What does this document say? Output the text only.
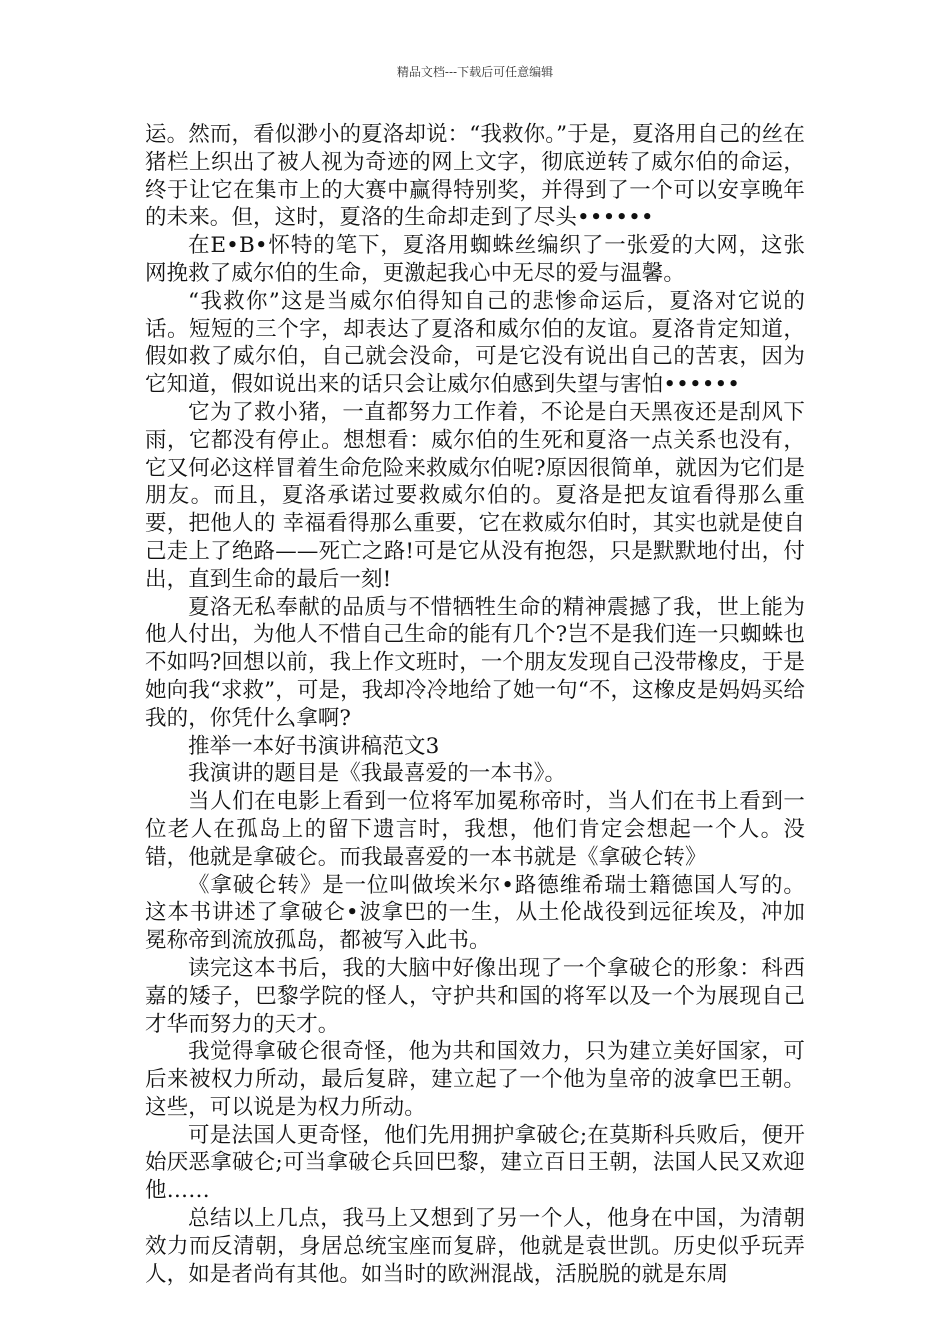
精品文档---下载后可任意编辑

运。然而，看似渺小的夏洛却说：“我救你。”于是，夏洛用自己的丝在猪栏上织出了被人视为奇迹的网上文字，彻底逆转了威尔伯的命运，终于让它在集市上的大赛中赢得特别奖，并得到了一个可以安享晚年的未来。但，这时，夏洛的生命却走到了尽头••••••

在E•B•怀特的笔下，夏洛用蜘蛛丝编织了一张爱的大网，这张网挽救了威尔伯的生命，更激起我心中无尽的爱与温馨。

“我救你”这是当威尔伯得知自己的悲惨命运后，夏洛对它说的话。短短的三个字，却表达了夏洛和威尔伯的友谊。夏洛肯定知道，假如救了威尔伯，自己就会没命，可是它没有说出自己的苦衷，因为它知道，假如说出来的话只会让威尔伯感到失望与害怕••••••

它为了救小猪，一直都努力工作着，不论是白天黑夜还是刮风下雨，它都没有停止。想想看：威尔伯的生死和夏洛一点关系也没有，它又何必这样冒着生命危险来救威尔伯呢?原因很简单，就因为它们是朋友。而且，夏洛承诺过要救威尔伯的。夏洛是把友谊看得那么重要，把他人的 幸福看得那么重要，它在救威尔伯时，其实也就是使自己走上了绝路——死亡之路!可是它从没有抱怨，只是默默地付出，付出，直到生命的最后一刻!

夏洛无私奉献的品质与不惜牺牲生命的精神震撼了我，世上能为他人付出，为他人不惜自己生命的能有几个?岂不是我们连一只蜘蛛也不如吗?回想以前，我上作文班时，一个朋友发现自己没带橡皮，于是她向我“求救”，可是，我却冷冷地给了她一句“不，这橡皮是妈妈买给我的，你凭什么拿啊?

推举一本好书演讲稿范文3

我演讲的题目是《我最喜爱的一本书》。

当人们在电影上看到一位将军加冕称帝时，当人们在书上看到一位老人在孤岛上的留下遗言时，我想，他们肯定会想起一个人。没错，他就是拿破仑。而我最喜爱的一本书就是《拿破仑转》

《拿破仑转》是一位叫做埃米尔•路德维希瑞士籍德国人写的。这本书讲述了拿破仑•波拿巴的一生，从土伦战役到远征埃及，冲加冕称帝到流放孤岛，都被写入此书。

读完这本书后，我的大脑中好像出现了一个拿破仑的形象：科西嘉的矮子，巴黎学院的怪人，守护共和国的将军以及一个为展现自己才华而努力的天才。

我觉得拿破仑很奇怪，他为共和国效力，只为建立美好国家，可后来被权力所动，最后复辟，建立起了一个他为皇帝的波拿巴王朝。这些，可以说是为权力所动。

可是法国人更奇怪，他们先用拥护拿破仑;在莫斯科兵败后，便开始厌恶拿破仑;可当拿破仑兵回巴黎，建立百日王朝，法国人民又欢迎他……

总结以上几点，我马上又想到了另一个人，他身在中国，为清朝效力而反清朝，身居总统宝座而复辟，他就是袁世凯。历史似乎玩弄人，如是者尚有其他。如当时的欧洲混战，活脱脱的就是东周
